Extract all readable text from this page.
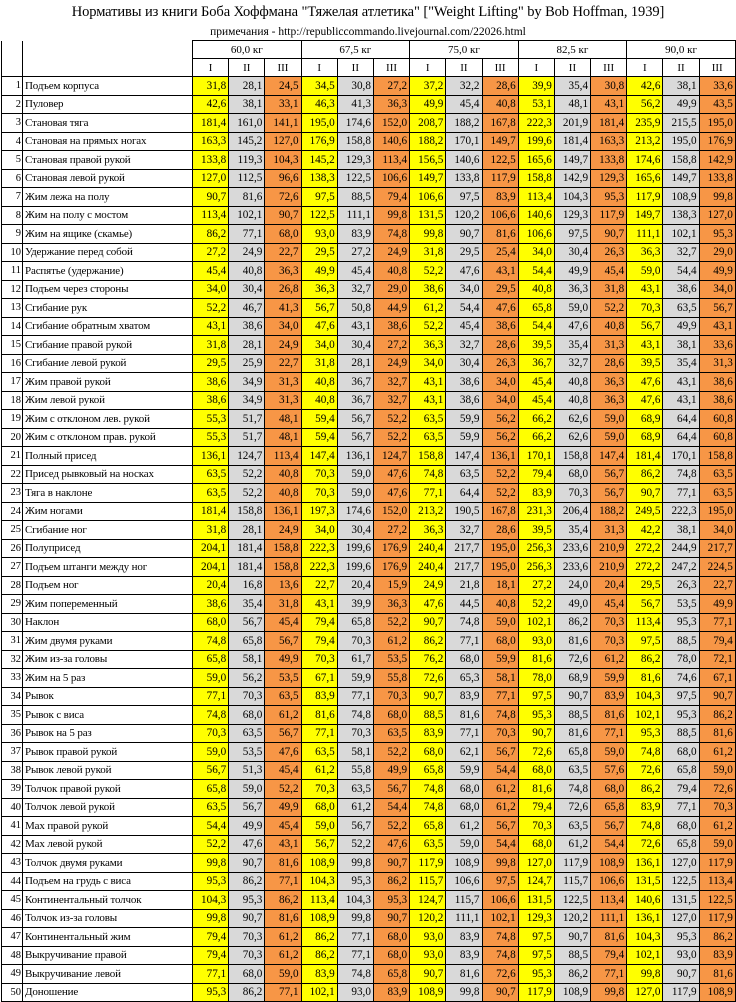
Нормативы из книги Боба Хоффмана "Тяжелая атлетика" ["Weight Lifting" by Bob Hoffman, 1939]
примечания - http://republiccommando.livejournal.com/22026.html
		60,0 кг			67,5 кг			75,0 кг			82,5 кг			90,0 кг		
		I	II	III	I	II	III	I	II	III	I	II	III	I	II	III
1	Подъем корпуса	31,8	28,1	24,5	34,5	30,8	27,2	37,2	32,2	28,6	39,9	35,4	30,8	42,6	38,1	33,6
2	Пуловер	42,6	38,1	33,1	46,3	41,3	36,3	49,9	45,4	40,8	53,1	48,1	43,1	56,2	49,9	43,5
3	Становая тяга	181,4	161,0	141,1	195,0	174,6	152,0	208,7	188,2	167,8	222,3	201,9	181,4	235,9	215,5	195,0
4	Становая на прямых ногах	163,3	145,2	127,0	176,9	158,8	140,6	188,2	170,1	149,7	199,6	181,4	163,3	213,2	195,0	176,9
5	Становая правой рукой	133,8	119,3	104,3	145,2	129,3	113,4	156,5	140,6	122,5	165,6	149,7	133,8	174,6	158,8	142,9
6	Становая левой рукой	127,0	112,5	96,6	138,3	122,5	106,6	149,7	133,8	117,9	158,8	142,9	129,3	165,6	149,7	133,8
7	Жим лежа на полу	90,7	81,6	72,6	97,5	88,5	79,4	106,6	97,5	83,9	113,4	104,3	95,3	117,9	108,9	99,8
8	Жим на полу с мостом	113,4	102,1	90,7	122,5	111,1	99,8	131,5	120,2	106,6	140,6	129,3	117,9	149,7	138,3	127,0
9	Жим на ящике (скамье)	86,2	77,1	68,0	93,0	83,9	74,8	99,8	90,7	81,6	106,6	97,5	90,7	111,1	102,1	95,3
10	Удержание перед собой	27,2	24,9	22,7	29,5	27,2	24,9	31,8	29,5	25,4	34,0	30,4	26,3	36,3	32,7	29,0
11	Распятье (удержание)	45,4	40,8	36,3	49,9	45,4	40,8	52,2	47,6	43,1	54,4	49,9	45,4	59,0	54,4	49,9
12	Подъем через стороны	34,0	30,4	26,8	36,3	32,7	29,0	38,6	34,0	29,5	40,8	36,3	31,8	43,1	38,6	34,0
13	Сгибание рук	52,2	46,7	41,3	56,7	50,8	44,9	61,2	54,4	47,6	65,8	59,0	52,2	70,3	63,5	56,7
14	Сгибание обратным хватом	43,1	38,6	34,0	47,6	43,1	38,6	52,2	45,4	38,6	54,4	47,6	40,8	56,7	49,9	43,1
15	Сгибание правой рукой	31,8	28,1	24,9	34,0	30,4	27,2	36,3	32,7	28,6	39,5	35,4	31,3	43,1	38,1	33,6
16	Сгибание левой рукой	29,5	25,9	22,7	31,8	28,1	24,9	34,0	30,4	26,3	36,7	32,7	28,6	39,5	35,4	31,3
17	Жим правой рукой	38,6	34,9	31,3	40,8	36,7	32,7	43,1	38,6	34,0	45,4	40,8	36,3	47,6	43,1	38,6
18	Жим левой рукой	38,6	34,9	31,3	40,8	36,7	32,7	43,1	38,6	34,0	45,4	40,8	36,3	47,6	43,1	38,6
19	Жим с отклоном лев. рукой	55,3	51,7	48,1	59,4	56,7	52,2	63,5	59,9	56,2	66,2	62,6	59,0	68,9	64,4	60,8
20	Жим с отклоном прав. рукой	55,3	51,7	48,1	59,4	56,7	52,2	63,5	59,9	56,2	66,2	62,6	59,0	68,9	64,4	60,8
21	Полный присед	136,1	124,7	113,4	147,4	136,1	124,7	158,8	147,4	136,1	170,1	158,8	147,4	181,4	170,1	158,8
22	Присед рывковый на носках	63,5	52,2	40,8	70,3	59,0	47,6	74,8	63,5	52,2	79,4	68,0	56,7	86,2	74,8	63,5
23	Тяга в наклоне	63,5	52,2	40,8	70,3	59,0	47,6	77,1	64,4	52,2	83,9	70,3	56,7	90,7	77,1	63,5
24	Жим ногами	181,4	158,8	136,1	197,3	174,6	152,0	213,2	190,5	167,8	231,3	206,4	188,2	249,5	222,3	195,0
25	Сгибание ног	31,8	28,1	24,9	34,0	30,4	27,2	36,3	32,7	28,6	39,5	35,4	31,3	42,2	38,1	34,0
26	Полуприсед	204,1	181,4	158,8	222,3	199,6	176,9	240,4	217,7	195,0	256,3	233,6	210,9	272,2	244,9	217,7
27	Подъем штанги между ног	204,1	181,4	158,8	222,3	199,6	176,9	240,4	217,7	195,0	256,3	233,6	210,9	272,2	247,2	224,5
28	Подъем ног	20,4	16,8	13,6	22,7	20,4	15,9	24,9	21,8	18,1	27,2	24,0	20,4	29,5	26,3	22,7
29	Жим попеременный	38,6	35,4	31,8	43,1	39,9	36,3	47,6	44,5	40,8	52,2	49,0	45,4	56,7	53,5	49,9
30	Наклон	68,0	56,7	45,4	79,4	65,8	52,2	90,7	74,8	59,0	102,1	86,2	70,3	113,4	95,3	77,1
31	Жим двумя руками	74,8	65,8	56,7	79,4	70,3	61,2	86,2	77,1	68,0	93,0	81,6	70,3	97,5	88,5	79,4
32	Жим из-за головы	65,8	58,1	49,9	70,3	61,7	53,5	76,2	68,0	59,9	81,6	72,6	61,2	86,2	78,0	72,1
33	Жим на 5 раз	59,0	56,2	53,5	67,1	59,9	55,8	72,6	65,3	58,1	78,0	68,9	59,9	81,6	74,6	67,1
34	Рывок	77,1	70,3	63,5	83,9	77,1	70,3	90,7	83,9	77,1	97,5	90,7	83,9	104,3	97,5	90,7
35	Рывок с виса	74,8	68,0	61,2	81,6	74,8	68,0	88,5	81,6	74,8	95,3	88,5	81,6	102,1	95,3	86,2
36	Рывок на 5 раз	70,3	63,5	56,7	77,1	70,3	63,5	83,9	77,1	70,3	90,7	81,6	77,1	95,3	88,5	81,6
37	Рывок правой рукой	59,0	53,5	47,6	63,5	58,1	52,2	68,0	62,1	56,7	72,6	65,8	59,0	74,8	68,0	61,2
38	Рывок левой рукой	56,7	51,3	45,4	61,2	55,8	49,9	65,8	59,9	54,4	68,0	63,5	57,6	72,6	65,8	59,0
39	Толчок правой рукой	65,8	59,0	52,2	70,3	63,5	56,7	74,8	68,0	61,2	81,6	74,8	68,0	86,2	79,4	72,6
40	Толчок левой рукой	63,5	56,7	49,9	68,0	61,2	54,4	74,8	68,0	61,2	79,4	72,6	65,8	83,9	77,1	70,3
41	Max правой рукой	54,4	49,9	45,4	59,0	56,7	52,2	65,8	61,2	56,7	70,3	63,5	56,7	74,8	68,0	61,2
42	Max левой рукой	52,2	47,6	43,1	56,7	52,2	47,6	63,5	59,0	54,4	68,0	61,2	54,4	72,6	65,8	59,0
43	Толчок двумя руками	99,8	90,7	81,6	108,9	99,8	90,7	117,9	108,9	99,8	127,0	117,9	108,9	136,1	127,0	117,9
44	Подъем на грудь с виса	95,3	86,2	77,1	104,3	95,3	86,2	115,7	106,6	97,5	124,7	115,7	106,6	131,5	122,5	113,4
45	Континентальный толчок	104,3	95,3	86,2	113,4	104,3	95,3	124,7	115,7	106,6	131,5	122,5	113,4	140,6	131,5	122,5
46	Толчок из-за головы	99,8	90,7	81,6	108,9	99,8	90,7	120,2	111,1	102,1	129,3	120,2	111,1	136,1	127,0	117,9
47	Континентальный жим	79,4	70,3	61,2	86,2	77,1	68,0	93,0	83,9	74,8	97,5	90,7	81,6	104,3	95,3	86,2
48	Выкручивание правой	79,4	70,3	61,2	86,2	77,1	68,0	93,0	83,9	74,8	97,5	88,5	79,4	102,1	93,0	83,9
49	Выкручивание левой	77,1	68,0	59,0	83,9	74,8	65,8	90,7	81,6	72,6	95,3	86,2	77,1	99,8	90,7	81,6
50	Доношение	95,3	86,2	77,1	102,1	93,0	83,9	108,9	99,8	90,7	117,9	108,9	99,8	127,0	117,9	108,9
